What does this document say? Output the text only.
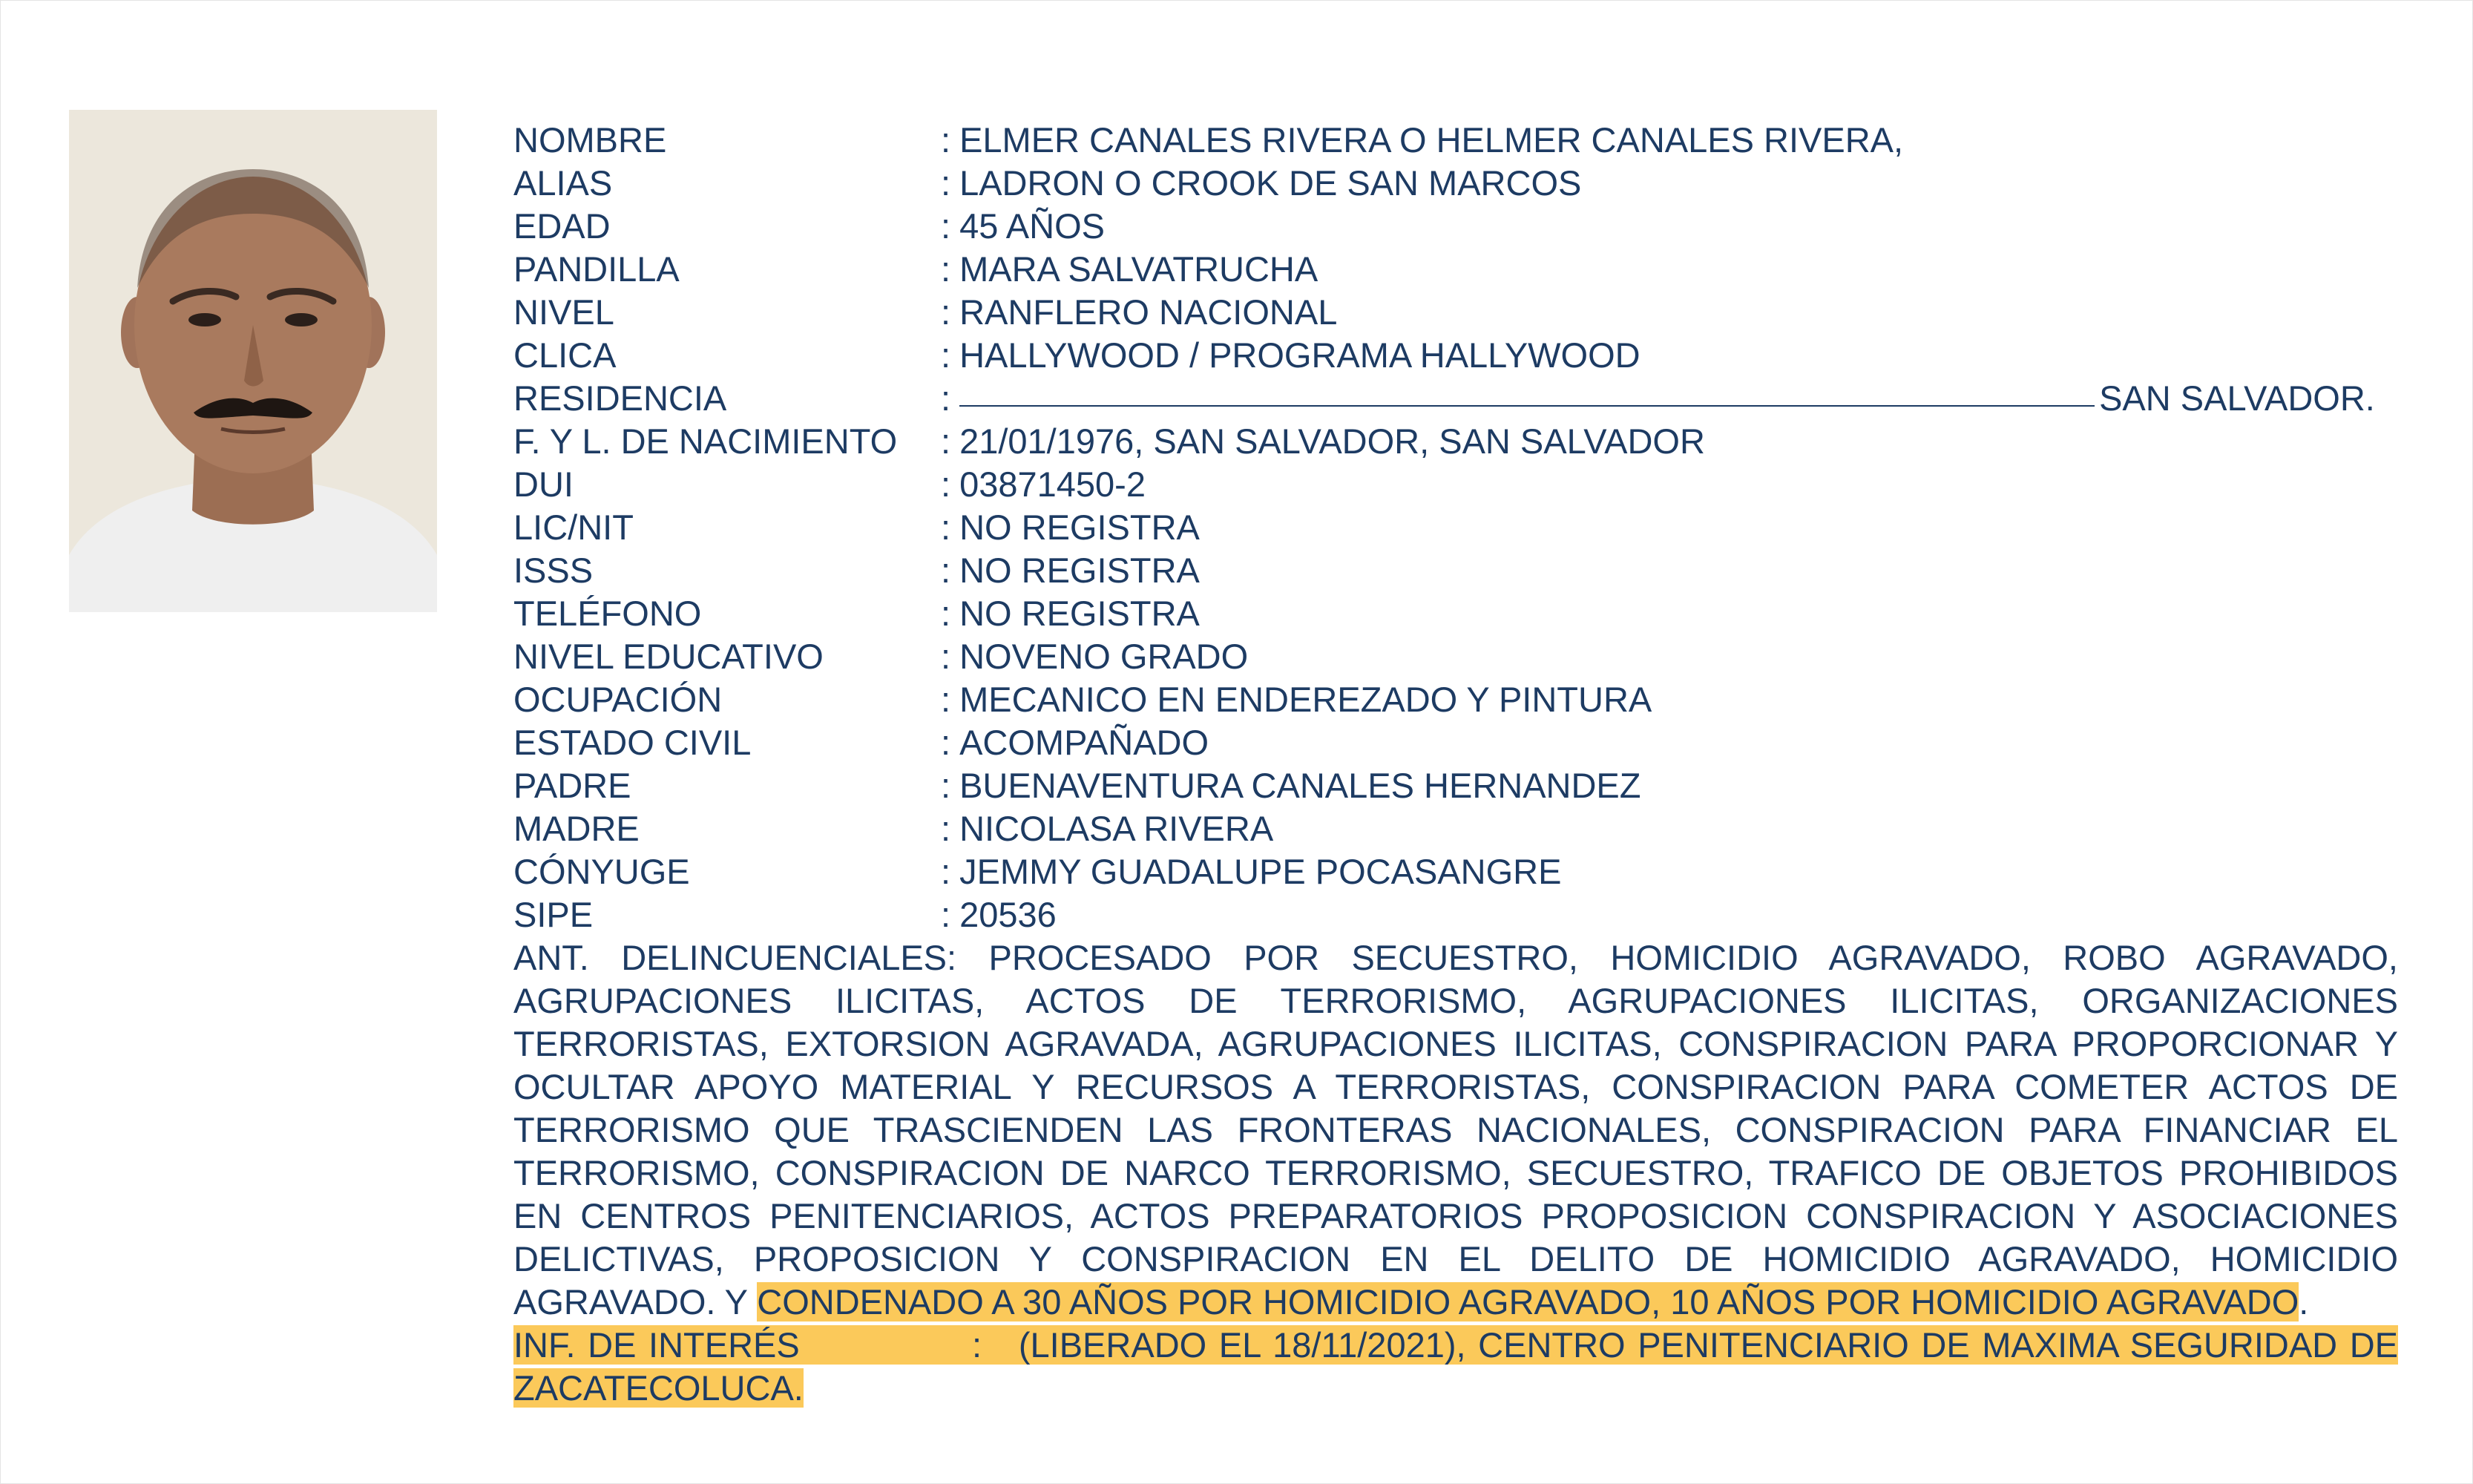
NOMBRE	: ELMER CANALES RIVERA O HELMER CANALES RIVERA,
ALIAS	: LADRON O CROOK DE SAN MARCOS
EDAD	: 45 AÑOS
PANDILLA	: MARA SALVATRUCHA
NIVEL	: RANFLERO NACIONAL
CLICA	: HALLYWOOD / PROGRAMA HALLYWOOD
RESIDENCIA	:	SAN SALVADOR.
F. Y L. DE NACIMIENTO : 21/01/1976, SAN SALVADOR, SAN SALVADOR
DUI	: 03871450-2
LIC/NIT	: NO REGISTRA
ISSS	: NO REGISTRA
TELÉFONO	: NO REGISTRA
NIVEL EDUCATIVO	: NOVENO GRADO
OCUPACIÓN	: MECANICO EN ENDEREZADO Y PINTURA
ESTADO CIVIL	: ACOMPAÑADO
PADRE	: BUENAVENTURA CANALES HERNANDEZ
MADRE	: NICOLASA RIVERA
CÓNYUGE	: JEMMY GUADALUPE POCASANGRE
SIPE	: 20536
ANT. DELINCUENCIALES: PROCESADO POR SECUESTRO, HOMICIDIO AGRAVADO, ROBO AGRAVADO,
AGRUPACIONES ILICITAS, ACTOS DE TERRORISMO, AGRUPACIONES ILICITAS, ORGANIZACIONES
TERRORISTAS, EXTORSION AGRAVADA, AGRUPACIONES ILICITAS, CONSPIRACION PARA PROPORCIONAR Y
OCULTAR APOYO MATERIAL Y RECURSOS A TERRORISTAS, CONSPIRACION PARA COMETER ACTOS DE
TERRORISMO QUE TRASCIENDEN LAS FRONTERAS NACIONALES, CONSPIRACION PARA FINANCIAR EL
TERRORISMO, CONSPIRACION DE NARCO TERRORISMO, SECUESTRO, TRAFICO DE OBJETOS PROHIBIDOS
EN CENTROS PENITENCIARIOS, ACTOS PREPARATORIOS PROPOSICION CONSPIRACION Y ASOCIACIONES
DELICTIVAS, PROPOSICION Y CONSPIRACION EN EL DELITO DE HOMICIDIO AGRAVADO, HOMICIDIO
AGRAVADO. Y CONDENADO A 30 AÑOS POR HOMICIDIO AGRAVADO, 10 AÑOS POR HOMICIDIO AGRAVADO.
INF. DE INTERÉS	: (LIBERADO EL 18/11/2021), CENTRO PENITENCIARIO DE MAXIMA SEGURIDAD DE
ZACATECOLUCA.
